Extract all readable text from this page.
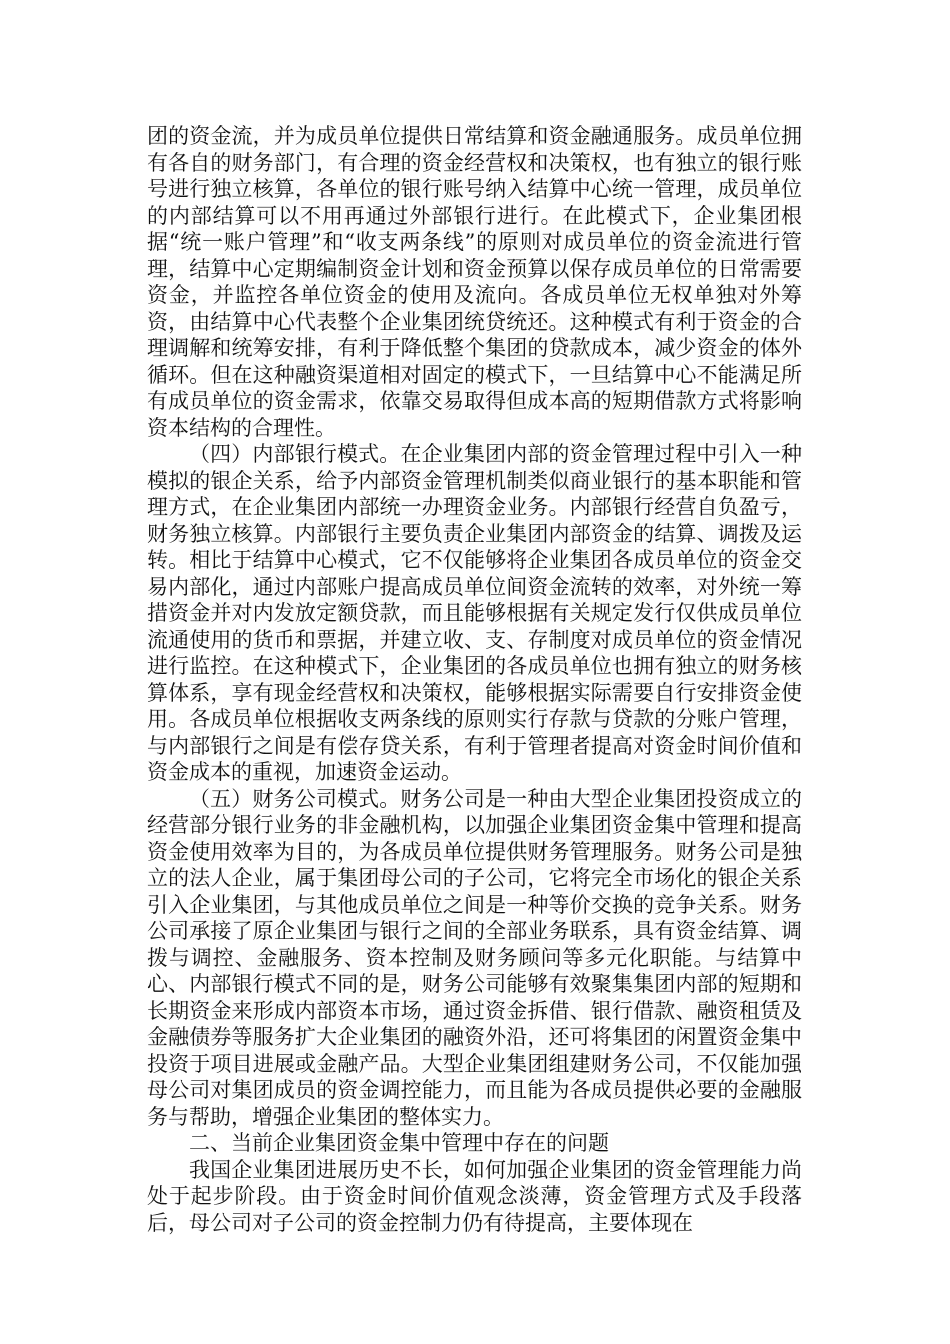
团的资金流，并为成员单位提供日常结算和资金融通服务。成员单位拥有各自的财务部门，有合理的资金经营权和决策权，也有独立的银行账号进行独立核算，各单位的银行账号纳入结算中心统一管理，成员单位的内部结算可以不用再通过外部银行进行。在此模式下，企业集团根据“统一账户管理”和“收支两条线”的原则对成员单位的资金流进行管理，结算中心定期编制资金计划和资金预算以保存成员单位的日常需要资金，并监控各单位资金的使用及流向。各成员单位无权单独对外筹资，由结算中心代表整个企业集团统贷统还。这种模式有利于资金的合理调解和统筹安排，有利于降低整个集团的贷款成本，减少资金的体外循环。但在这种融资渠道相对固定的模式下，一旦结算中心不能满足所有成员单位的资金需求，依靠交易取得但成本高的短期借款方式将影响资本结构的合理性。

（四）内部银行模式。在企业集团内部的资金管理过程中引入一种模拟的银企关系，给予内部资金管理机制类似商业银行的基本职能和管理方式，在企业集团内部统一办理资金业务。内部银行经营自负盈亏，财务独立核算。内部银行主要负责企业集团内部资金的结算、调拨及运转。相比于结算中心模式，它不仅能够将企业集团各成员单位的资金交易内部化，通过内部账户提高成员单位间资金流转的效率，对外统一筹措资金并对内发放定额贷款，而且能够根据有关规定发行仅供成员单位流通使用的货币和票据，并建立收、支、存制度对成员单位的资金情况进行监控。在这种模式下，企业集团的各成员单位也拥有独立的财务核算体系，享有现金经营权和决策权，能够根据实际需要自行安排资金使用。各成员单位根据收支两条线的原则实行存款与贷款的分账户管理，与内部银行之间是有偿存贷关系，有利于管理者提高对资金时间价值和资金成本的重视，加速资金运动。

（五）财务公司模式。财务公司是一种由大型企业集团投资成立的经营部分银行业务的非金融机构，以加强企业集团资金集中管理和提高资金使用效率为目的，为各成员单位提供财务管理服务。财务公司是独立的法人企业，属于集团母公司的子公司，它将完全市场化的银企关系引入企业集团，与其他成员单位之间是一种等价交换的竞争关系。财务公司承接了原企业集团与银行之间的全部业务联系，具有资金结算、调拨与调控、金融服务、资本控制及财务顾问等多元化职能。与结算中心、内部银行模式不同的是，财务公司能够有效聚集集团内部的短期和长期资金来形成内部资本市场，通过资金拆借、银行借款、融资租赁及金融债券等服务扩大企业集团的融资外沿，还可将集团的闲置资金集中投资于项目进展或金融产品。大型企业集团组建财务公司，不仅能加强母公司对集团成员的资金调控能力，而且能为各成员提供必要的金融服务与帮助，增强企业集团的整体实力。

二、当前企业集团资金集中管理中存在的问题

我国企业集团进展历史不长，如何加强企业集团的资金管理能力尚处于起步阶段。由于资金时间价值观念淡薄，资金管理方式及手段落后，母公司对子公司的资金控制力仍有待提高，主要体现在
